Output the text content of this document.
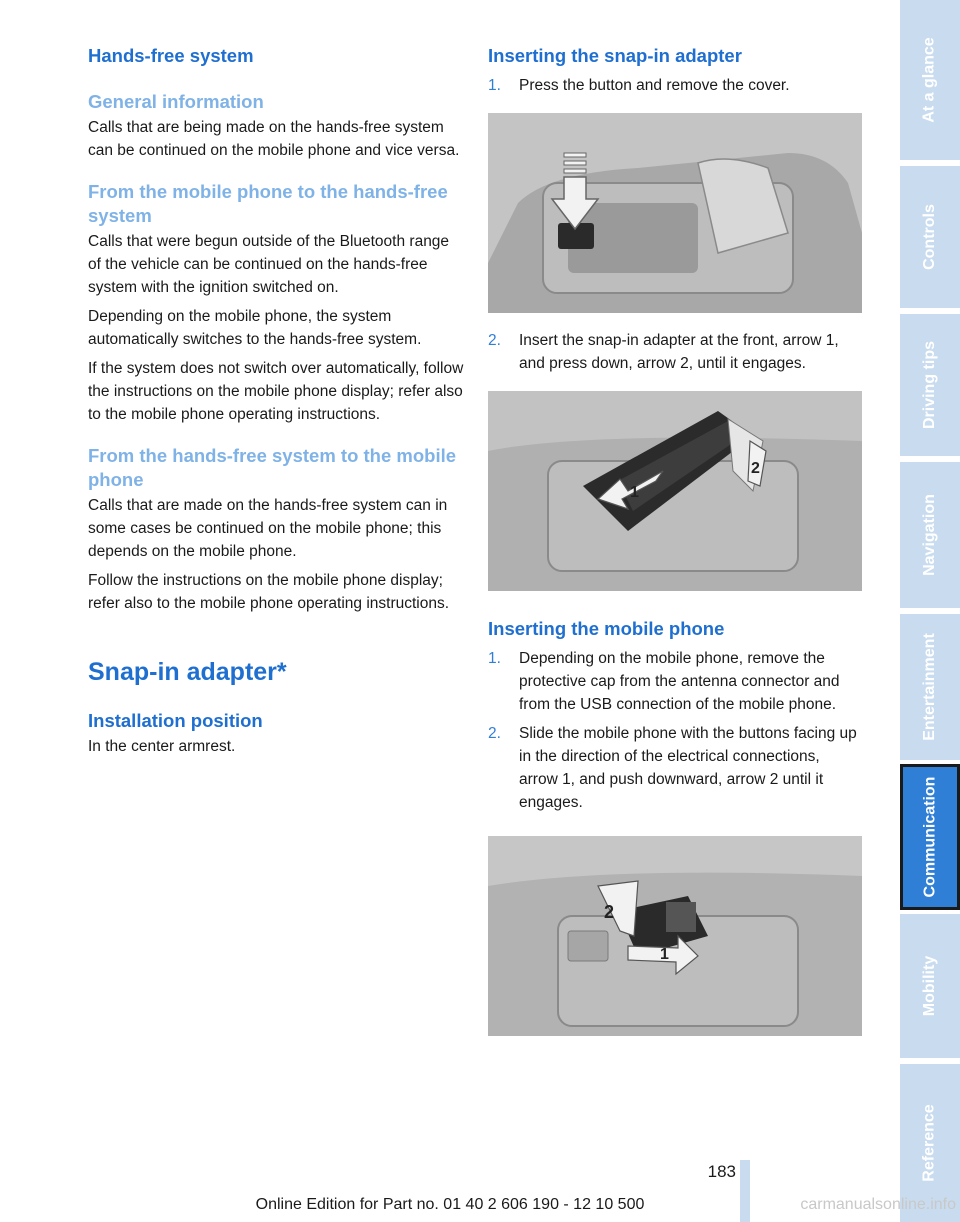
Hands-free system
General information

Calls that are being made on the hands-free system can be continued on the mobile phone and vice versa.

From the mobile phone to the hands-free system

Calls that were begun outside of the Bluetooth range of the vehicle can be continued on the hands-free system with the ignition switched on.

Depending on the mobile phone, the system automatically switches to the hands-free system.

If the system does not switch over automatically, follow the instructions on the mobile phone display; refer also to the mobile phone operating instructions.

From the hands-free system to the mobile phone

Calls that are made on the hands-free system can in some cases be continued on the mobile phone; this depends on the mobile phone.

Follow the instructions on the mobile phone display; refer also to the mobile phone operating instructions.

Snap-in adapter*
Installation position

In the center armrest.

Inserting the snap-in adapter
1.	Press the button and remove the cover.
2.	Insert the snap-in adapter at the front, arrow 1, and press down, arrow 2, until it engages.
1
2
Inserting the mobile phone
1.	Depending on the mobile phone, remove the protective cap from the antenna connector and from the USB connection of the mobile phone.
2.	Slide the mobile phone with the buttons facing up in the direction of the electrical connections, arrow 1, and push downward, arrow 2 until it engages.
2
1
At a glance
Controls
Driving tips
Navigation
Entertainment
Communication
Mobility
Reference
183
Online Edition for Part no. 01 40 2 606 190 - 12 10 500	carmanualsonline.info
